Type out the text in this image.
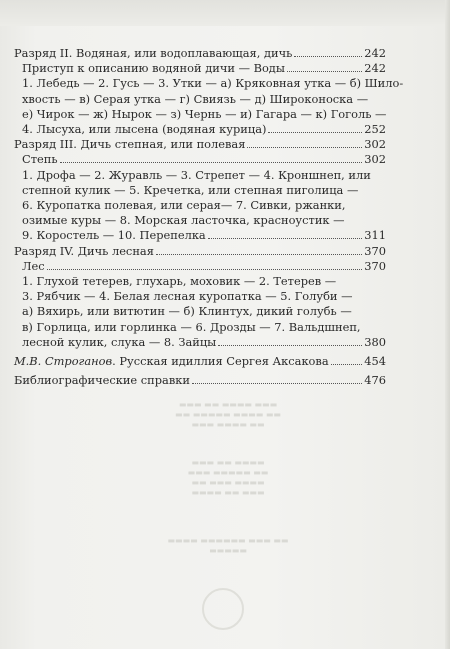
▬▬▬ ▬▬ ▬▬▬▬ ▬▬▬
▬▬ ▬▬▬▬▬ ▬▬▬▬ ▬▬
▬▬▬ ▬▬▬▬ ▬▬
▬▬▬ ▬▬ ▬▬▬▬
▬▬▬ ▬▬▬▬▬ ▬▬
▬▬ ▬▬▬ ▬▬▬▬
▬▬▬▬ ▬▬ ▬▬▬
▬▬▬▬ ▬▬▬▬▬▬ ▬▬▬ ▬▬
▬▬▬▬▬
Разряд II. Водяная, или водоплавающая, дичь	242
Приступ к описанию водяной дичи — Воды	242
1. Лебедь — 2. Гусь — 3. Утки — а) Кряковная утка — б) Шило-
хвость — в) Серая утка — г) Свиязь — д) Широконоска —
е) Чирок — ж) Нырок — з) Чернь — и) Гагара — к) Гоголь —
4. Лысуха, или лысена (водяная курица)	252
Разряд III. Дичь степная, или полевая	302
Степь	302
1. Дрофа — 2. Журавль — 3. Стрепет — 4. Кроншнеп, или
степной кулик — 5. Кречетка, или степная пиголица —
6. Куропатка полевая, или серая— 7. Сивки, ржанки,
озимые куры — 8. Морская ласточка, красноустик —
9. Коростель — 10. Перепелка	311
Разряд IV. Дичь лесная	370
Лес	370
1. Глухой тетерев, глухарь, моховик — 2. Тетерев —
3. Рябчик — 4. Белая лесная куропатка — 5. Голуби —
а) Вяхирь, или витютин — б) Клинтух, дикий голубь —
в) Горлица, или горлинка — 6. Дрозды — 7. Вальдшнеп,
лесной кулик, слука — 8. Зайцы	380
М.В. Строганов. Русская идиллия Сергея Аксакова	454
Библиографические справки	476
